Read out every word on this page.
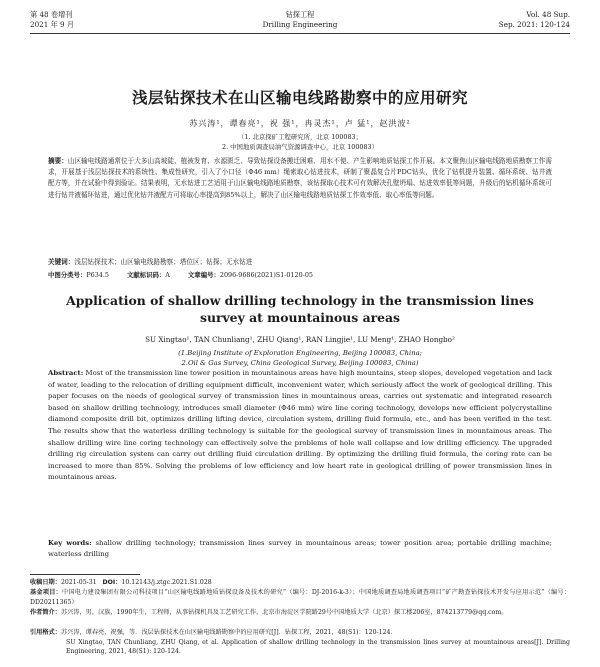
第 48 卷增刊
2021 年 9 月
钻探工程
Drilling Engineering
Vol. 48 Sup.
Sep. 2021: 120-124
浅层钻探技术在山区输电线路勘察中的应用研究
苏兴涛¹，谭春亮¹，祝 强¹，冉灵杰¹，卢 猛¹，赵洪波²
（1. 北京探矿工程研究所，北京 100083；
2. 中国地质调查局油气资源调查中心，北京 100083）
摘要：山区输电线路通常位于大多山高坡陡、植被发育、水源匮乏、导致钻探设备搬迁困难、用水不便、产生影响地质钻探工作开展。本文聚焦山区输电线路地质勘察工作需求，开展基于浅层钻探技术的系统性、集成性研究，引入了小口径（Φ46 mm）绳索取心钻进技术，研制了聚晶复合片PDC钻头，优化了钻机提升装置、循环系统、钻井液配方等，并在试验中得到验证。结果表明，无水钻进工艺适用于山区输电线路地质勘察，该钻探取心技术可有效解决孔壁坍塌、钻进效率低等问题，升级后的钻机循环系统可进行钻井液循环钻进，通过优化钻井液配方可将取心率提高到85%以上，解决了山区输电线路地质钻探工作效率低、取心率低等问题。
关键词：浅层钻探技术；山区输电线路勘察；塔位区；钻探；无水钻进
中图分类号：P634.5	文献标识码：A	文章编号：2096-9686(2021)S1-0120-05
Application of shallow drilling technology in the transmission lines survey at mountainous areas
SU Xingtao¹, TAN Chunliang¹, ZHU Qiang¹, RAN Lingjie¹, LU Meng¹, ZHAO Hongbo²
(1.Beijing Institute of Exploration Engineering, Beijing 100083, China;
2.Oil & Gas Survey, China Geological Survey, Beijing 100083, China)
Abstract: Most of the transmission line tower position in mountainous areas have high mountains, steep slopes, developed vegetation and lack of water, leading to the relocation of drilling equipment difficult, inconvenient water, which seriously affect the work of geological drilling. This paper focuses on the needs of geological survey of transmission lines in mountainous areas, carries out systematic and integrated research based on shallow drilling technology, introduces small diameter (Φ46 mm) wire line coring technology, develops new efficient polycrystalline diamond composite drill bit, optimizes drilling lifting device, circulation system, drilling fluid formula, etc., and has been verified in the test. The results show that the waterless drilling technology is suitable for the geological survey of transmission lines in mountainous areas. The shallow drilling wire line coring technology can effectively solve the problems of hole wall collapse and low drilling efficiency. The upgraded drilling rig circulation system can carry out drilling fluid circulation drilling. By optimizing the drilling fluid formula, the coring rate can be increased to more than 85%. Solving the problems of low efficiency and low heart rate in geological drilling of power transmission lines in mountainous areas.
Key words: shallow drilling technology; transmission lines survey in mountainous areas; tower position area; portable drilling machine; waterless drilling
收稿日期：2021-05-31 DOI：10.12143/j.ztgc.2021.S1.028
基金项目：中国电力建设集团有限公司科技项目“山区输电线路地质钻探设备及技术的研究”（编号：DJ-2016-k-3）；中国地质调查局地质调查项目“矿产勘查钻探技术开发与应用示范”（编号：DD20211365）
作者简介：苏兴涛，男，汉族，1990年生，工程师，从事钻探机具及工艺研究工作，北京市海淀区学院路29号中国地质大学（北京）探工楼206室，874213779@qq.com。
引用格式：苏兴涛，谭春亮，祝强，等．浅层钻探技术在山区输电线路勘察中的应用研究[J]．钻探工程，2021，48(S1)：120-124．
SU Xingtao, TAN Chunliang, ZHU Qiang, et al. Application of shallow drilling technology in the transmission lines survey at mountainous areas[J]. Drilling Engineering, 2021, 48(S1): 120-124.
